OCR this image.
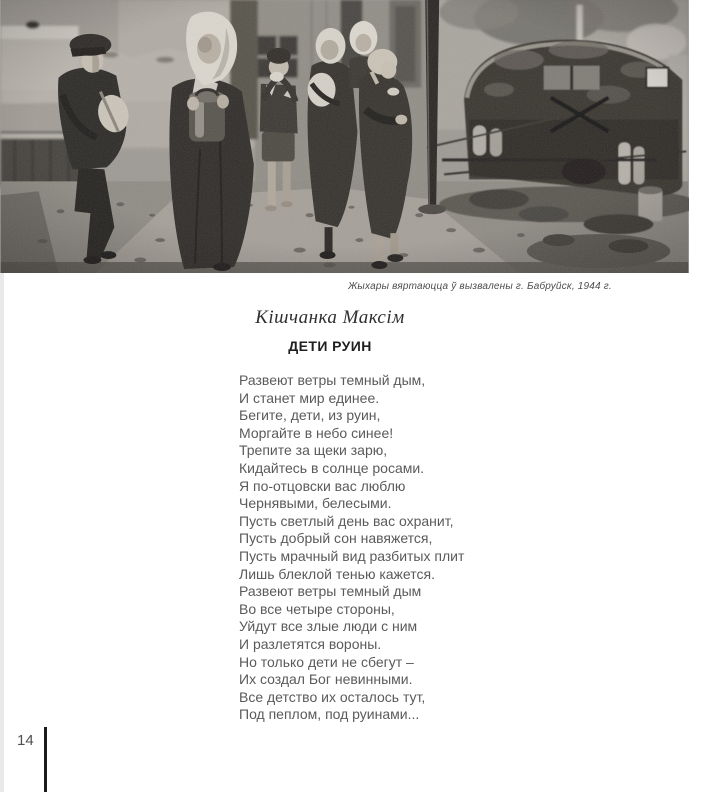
Жыхары вяртаюцца ў вызвалены г. Бабруйск, 1944 г.
Кішчанка Максім
ДЕТИ РУИН
Развеют ветры темный дым,
И станет мир единее.
Бегите, дети, из руин,
Моргайте в небо синее!
Трепите за щеки зарю,
Кидайтесь в солнце росами.
Я по-отцовски вас люблю
Чернявыми, белесыми.
Пусть светлый день вас охранит,
Пусть добрый сон навяжется,
Пусть мрачный вид разбитых плит
Лишь блеклой тенью кажется.
Развеют ветры темный дым
Во все четыре стороны,
Уйдут все злые люди с ним
И разлетятся вороны.
Но только дети не сбегут –
Их создал Бог невинными.
Все детство их осталось тут,
Под пеплом, под руинами...
14
